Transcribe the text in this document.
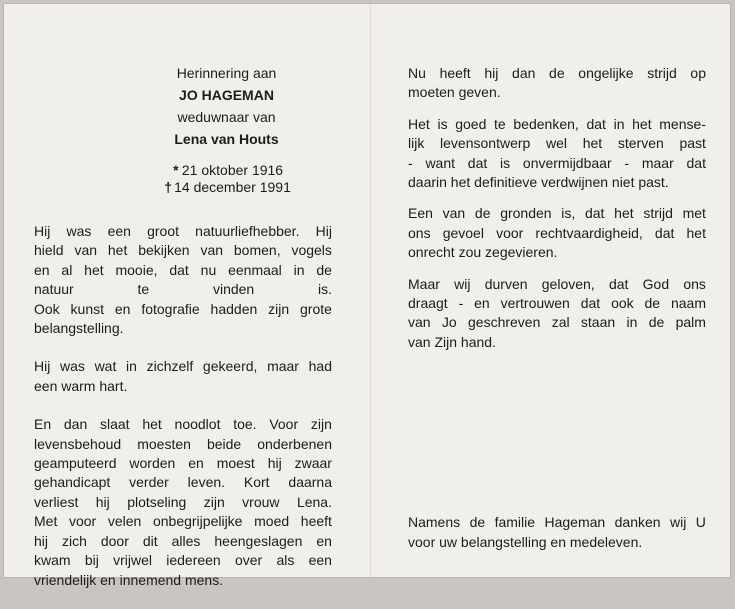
Herinnering aan
JO HAGEMAN
weduwnaar van
Lena van Houts
* 21 oktober 1916
† 14 december 1991
Hij was een groot natuurliefhebber. Hij
hield van het bekijken van bomen, vogels
en al het mooie, dat nu eenmaal in de
natuur	te	vinden	is.
Ook kunst en fotografie hadden zijn grote
belangstelling.
Hij was wat in zichzelf gekeerd, maar had
een warm hart.
En dan slaat het noodlot toe. Voor zijn
levensbehoud moesten beide onderbenen
geamputeerd worden en moest hij zwaar
gehandicapt verder leven. Kort daarna
verliest hij plotseling zijn vrouw Lena.
Met voor velen onbegrijpelijke moed heeft
hij zich door dit alles heengeslagen en
kwam bij vrijwel iedereen over als een
vriendelijk en innemend mens.
Nu heeft hij dan de ongelijke strijd op
moeten geven.
Het is goed te bedenken, dat in het mense-
lijk levensontwerp wel het sterven past
- want dat is onvermijdbaar - maar dat
daarin het definitieve verdwijnen niet past.
Een van de gronden is, dat het strijd met
ons gevoel voor rechtvaardigheid, dat het
onrecht zou zegevieren.
Maar wij durven geloven, dat God ons
draagt - en vertrouwen dat ook de naam
van Jo geschreven zal staan in de palm
van Zijn hand.
Namens de familie Hageman danken wij U
voor uw belangstelling en medeleven.
